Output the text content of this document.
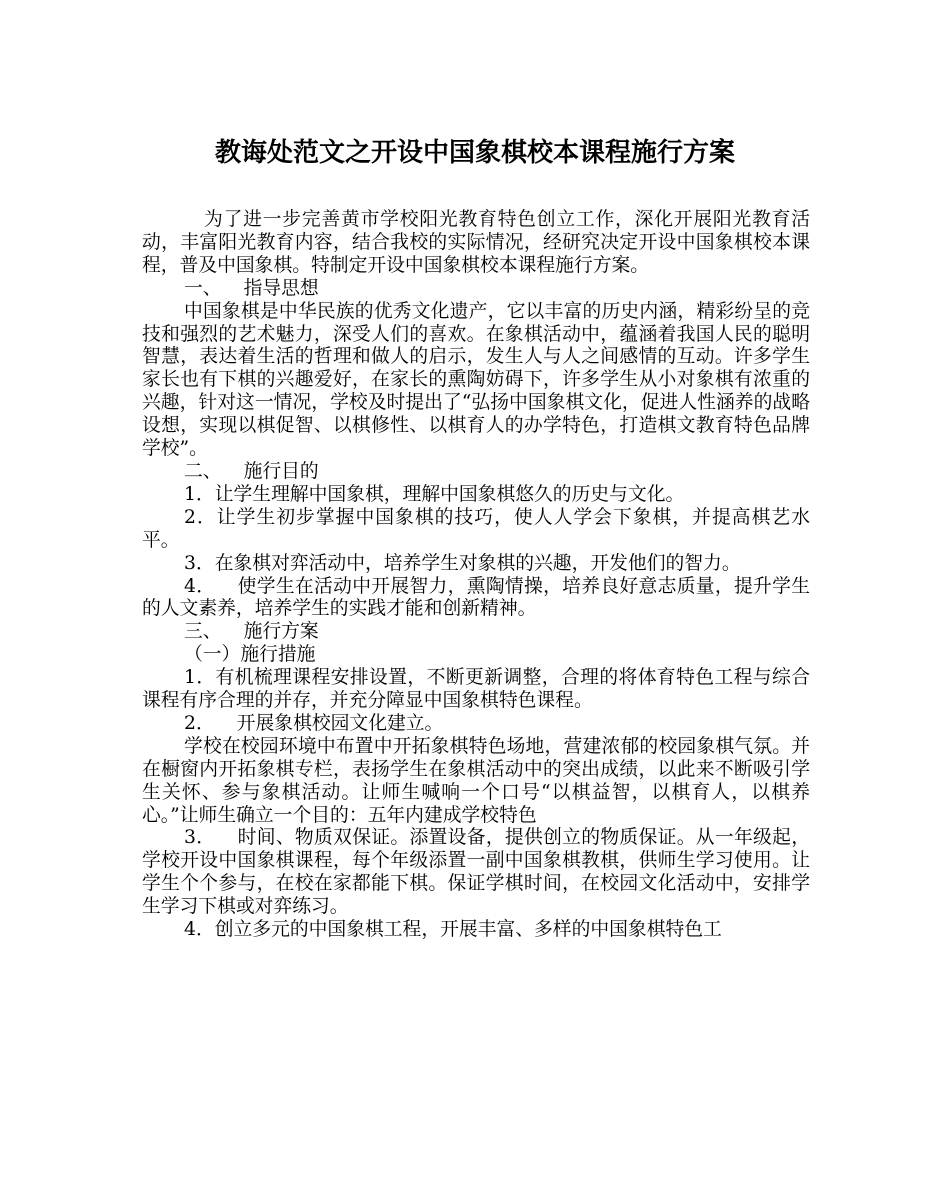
教诲处范文之开设中国象棋校本课程施行方案

为了进一步完善黄市学校阳光教育特色创立工作，深化开展阳光教育活动，丰富阳光教育内容，结合我校的实际情况，经研究决定开设中国象棋校本课程，普及中国象棋。特制定开设中国象棋校本课程施行方案。

一、 指导思想

中国象棋是中华民族的优秀文化遗产，它以丰富的历史内涵，精彩纷呈的竞技和强烈的艺术魅力，深受人们的喜欢。在象棋活动中，蕴涵着我国人民的聪明智慧，表达着生活的哲理和做人的启示，发生人与人之间感情的互动。许多学生家长也有下棋的兴趣爱好，在家长的熏陶妨碍下，许多学生从小对象棋有浓重的兴趣，针对这一情况，学校及时提出了“弘扬中国象棋文化，促进人性涵养的战略设想，实现以棋促智、以棋修性、以棋育人的办学特色，打造棋文教育特色品牌学校”。

二、 施行目的

1．让学生理解中国象棋，理解中国象棋悠久的历史与文化。

2．让学生初步掌握中国象棋的技巧，使人人学会下象棋，并提高棋艺水平。

3．在象棋对弈活动中，培养学生对象棋的兴趣，开发他们的智力。

4． 使学生在活动中开展智力，熏陶情操，培养良好意志质量，提升学生的人文素养，培养学生的实践才能和创新精神。

三、 施行方案

（一）施行措施

1．有机梳理课程安排设置，不断更新调整，合理的将体育特色工程与综合课程有序合理的并存，并充分障显中国象棋特色课程。

2． 开展象棋校园文化建立。

学校在校园环境中布置中开拓象棋特色场地，营建浓郁的校园象棋气氛。并在橱窗内开拓象棋专栏，表扬学生在象棋活动中的突出成绩，以此来不断吸引学生关怀、参与象棋活动。让师生喊响一个口号“以棋益智，以棋育人，以棋养心。”让师生确立一个目的：五年内建成学校特色

3． 时间、物质双保证。添置设备，提供创立的物质保证。从一年级起，学校开设中国象棋课程，每个年级添置一副中国象棋教棋，供师生学习使用。让学生个个参与，在校在家都能下棋。保证学棋时间，在校园文化活动中，安排学生学习下棋或对弈练习。

4．创立多元的中国象棋工程，开展丰富、多样的中国象棋特色工
